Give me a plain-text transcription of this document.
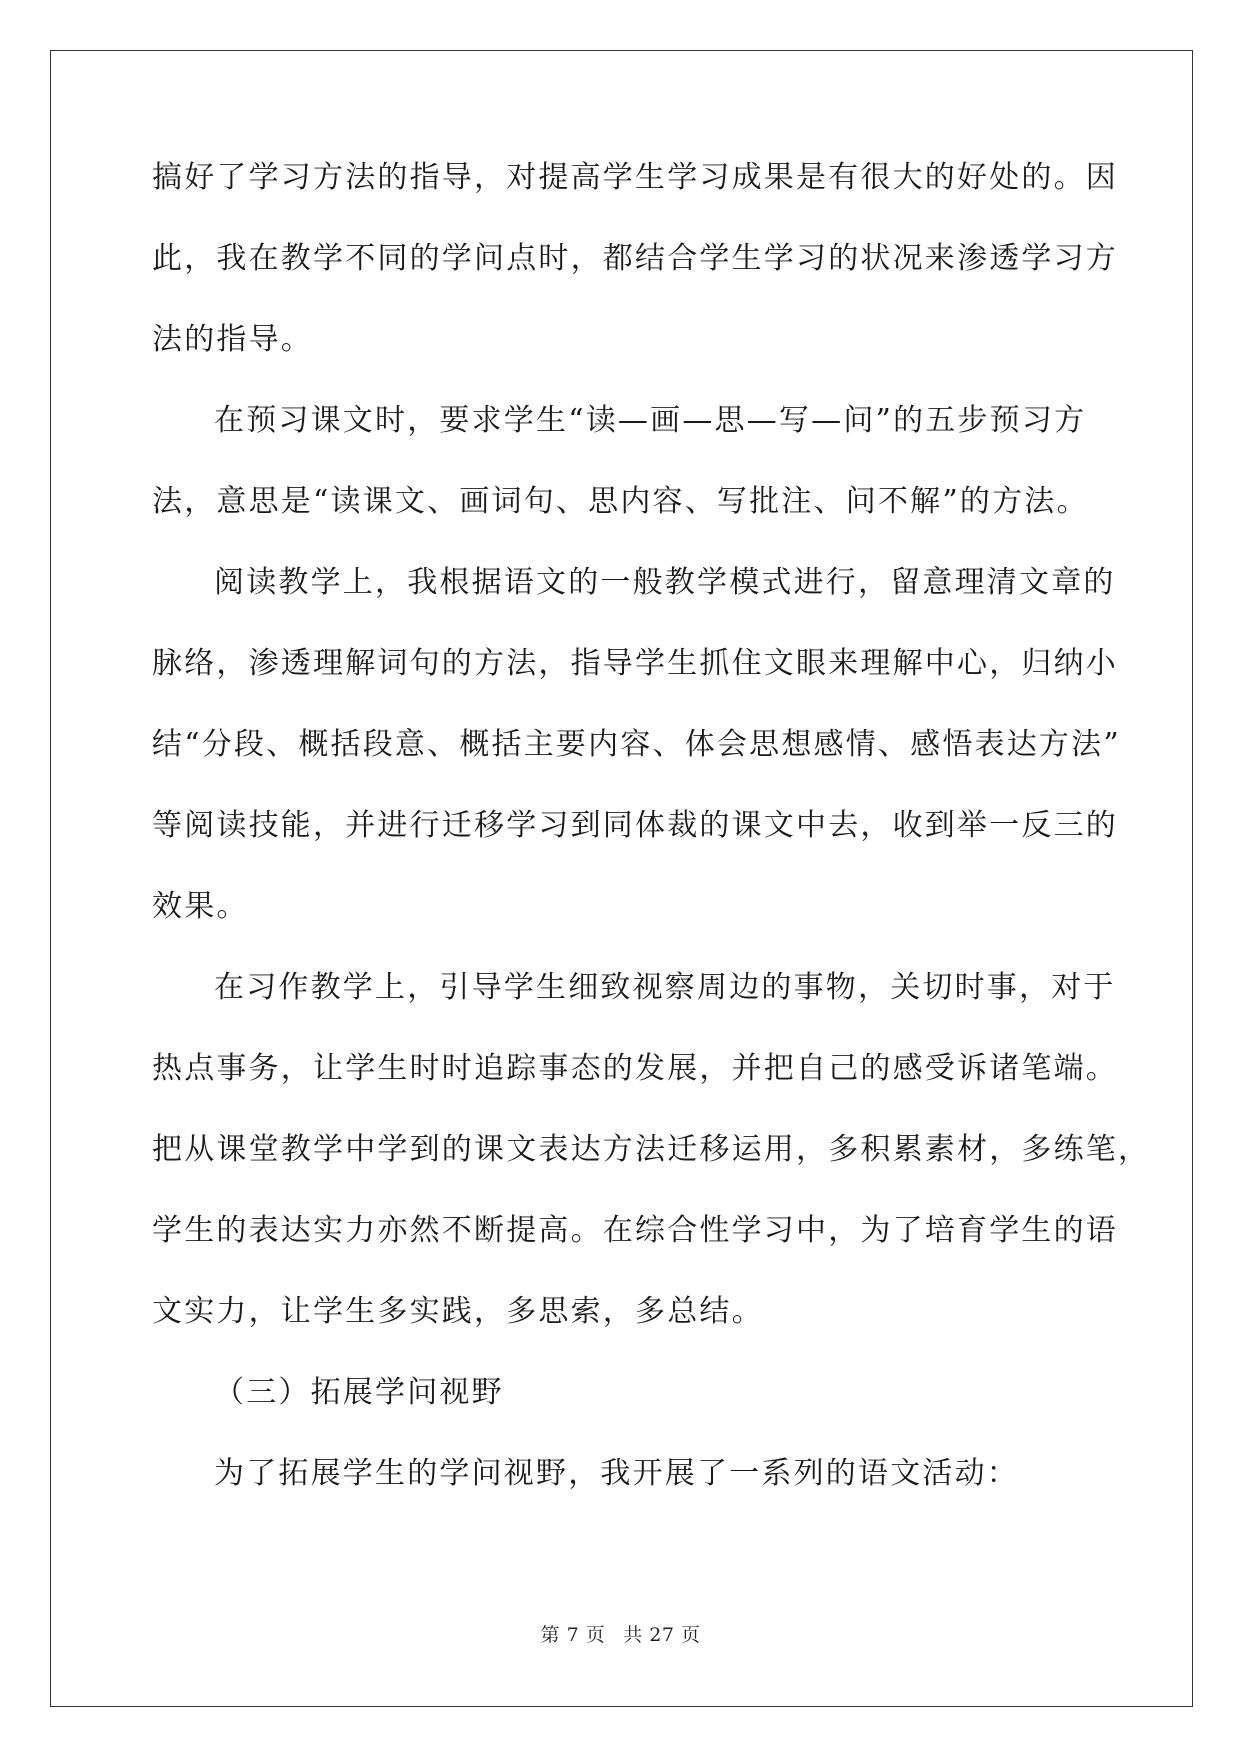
搞好了学习方法的指导，对提高学生学习成果是有很大的好处的。因

此，我在教学不同的学问点时，都结合学生学习的状况来渗透学习方

法的指导。

在预习课文时，要求学生“读—画—思—写—问”的五步预习方

法，意思是“读课文、画词句、思内容、写批注、问不解”的方法。

阅读教学上，我根据语文的一般教学模式进行，留意理清文章的

脉络，渗透理解词句的方法，指导学生抓住文眼来理解中心，归纳小

结“分段、概括段意、概括主要内容、体会思想感情、感悟表达方法”

等阅读技能，并进行迁移学习到同体裁的课文中去，收到举一反三的

效果。

在习作教学上，引导学生细致视察周边的事物，关切时事，对于

热点事务，让学生时时追踪事态的发展，并把自己的感受诉诸笔端。

把从课堂教学中学到的课文表达方法迁移运用，多积累素材，多练笔，

学生的表达实力亦然不断提高。在综合性学习中，为了培育学生的语

文实力，让学生多实践，多思索，多总结。

（三）拓展学问视野

为了拓展学生的学问视野，我开展了一系列的语文活动：

第 7 页 共 27 页
